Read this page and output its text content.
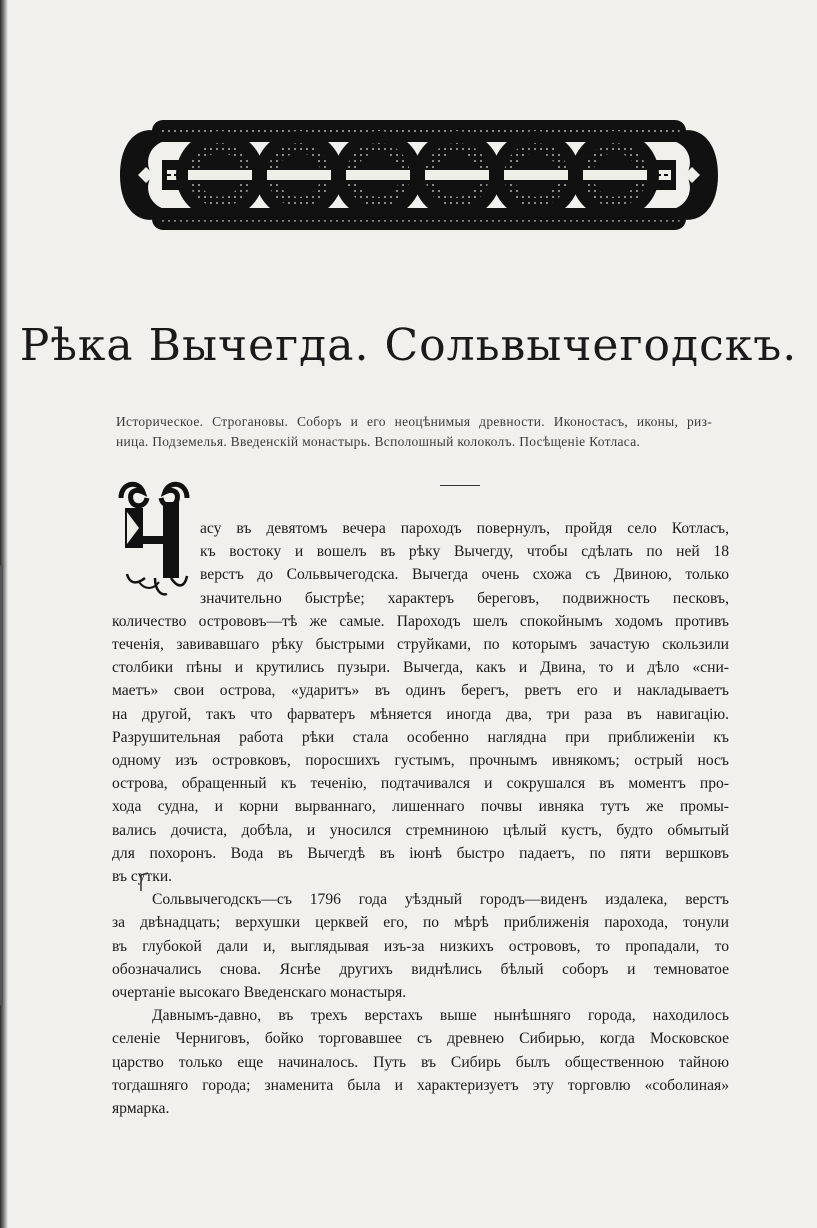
Рѣка Вычегда. Сольвычегодскъ.
Историческое. Строгановы. Соборъ и его неоцѣнимыя древности. Иконостасъ, иконы, риз-
ница. Подземелья. Введенскій монастырь. Всполошный колоколъ. Посѣщеніе Котласа.
асу въ девятомъ вечера пароходъ повернулъ, пройдя село Котласъ,
къ востоку и вошелъ въ рѣку Вычегду, чтобы сдѣлать по ней 18
верстъ до Сольвычегодска. Вычегда очень схожа съ Двиною, только
значительно быстрѣе; характеръ береговъ, подвижность песковъ,
количество острововъ—тѣ же самые. Пароходъ шелъ спокойнымъ ходомъ противъ
теченія, завивавшаго рѣку быстрыми струйками, по которымъ зачастую скользили
столбики пѣны и крутились пузыри. Вычегда, какъ и Двина, то и дѣло «сни-
маетъ» свои острова, «ударитъ» въ одинъ берегъ, рветъ его и накладываетъ
на другой, такъ что фарватеръ мѣняется иногда два, три раза въ навигацію.
Разрушительная работа рѣки стала особенно наглядна при приближеніи къ
одному изъ островковъ, поросшихъ густымъ, прочнымъ ивнякомъ; острый носъ
острова, обращенный къ теченію, подтачивался и сокрушался въ моментъ про-
хода судна, и корни вырваннаго, лишеннаго почвы ивняка тутъ же промы-
вались дочиста, добѣла, и уносился стремниною цѣлый кустъ, будто обмытый
для похоронъ. Вода въ Вычегдѣ въ іюнѣ быстро падаетъ, по пяти вершковъ
въ сутки.
Сольвычегодскъ—съ 1796 года уѣздный городъ—виденъ издалека, верстъ
за двѣнадцать; верхушки церквей его, по мѣрѣ приближенія парохода, тонули
въ глубокой дали и, выглядывая изъ-за низкихъ острововъ, то пропадали, то
обозначались снова. Яснѣе другихъ виднѣлись бѣлый соборъ и темноватое
очертаніе высокаго Введенскаго монастыря.
Давнымъ-давно, въ трехъ верстахъ выше нынѣшняго города, находилось
селеніе Черниговъ, бойко торговавшее съ древнею Сибирью, когда Московское
царство только еще начиналось. Путь въ Сибирь былъ общественною тайною
тогдашняго города; знаменита была и характеризуетъ эту торговлю «соболиная»
ярмарка.
